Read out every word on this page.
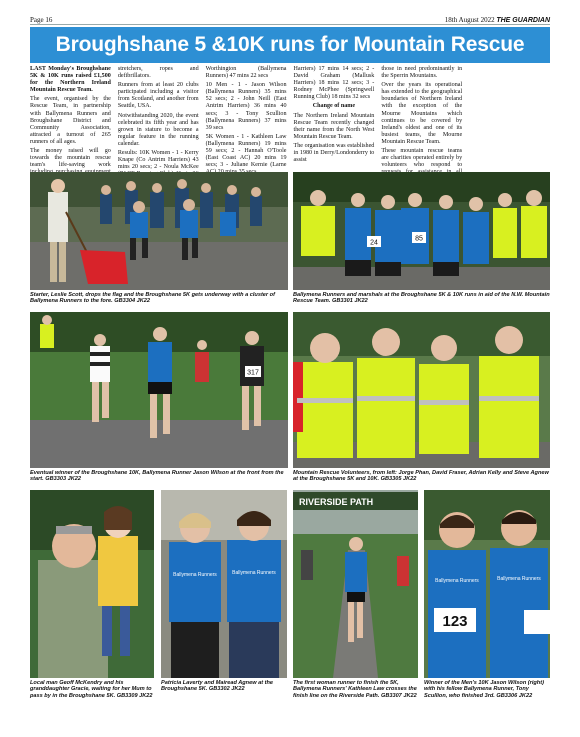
Page 16	18th August 2022 THE GUARDIAN
Broughshane 5 &10K runs for Mountain Rescue

LAST Monday's Broughshane 5K & 10K runs raised £1,500 for the Northern Ireland Mountain Rescue Team.

The event, organised by the Rescue Team, in partnership with Ballymena Runners and Broughshane District and Community Association, attracted a turnout of 265 runners of all ages.

The money raised will go towards the mountain rescue team's life-saving work

stretchers, ropes and defibrillators.

Runners from at least 20 clubs participated including a visitor from Scotland, and another from Seattle, USA.

Notwithstanding 2020, the event celebrated its fifth year and has grown in stature to become a regular feature in the running calendar.

Results: 10K Women - 1 - Kerry Knape (Co Antrim Harriers) 43 mins 20 secs; 2 - Noula McKee

Worthington (Ballymena Runners) 47 mins 22 secs

10 Men - 1 - Jason Wilson (Ballymena Runners) 35 mins 52 secs; 2 - John Neill (East Antrim Harriers) 36 mins 40 secs; 3 - Tony Scullion (Ballymena Runners) 37 mins 39 secs

5K Women - 1 - Kathleen Law (Ballymena Runners) 19 mins 59 secs; 2 - Hannah O'Toole (East Coast AC) 20 mins 19 secs; 3 - Juliane Kernie (Larne

Harriers) 17 mins 14 secs; 2 - David Graham (Mallusk Harriers) 18 mins 12 secs; 3 - Rodney McPhee (Springwell Running Club) 18 mins 32 secs

Change of name

The Northern Ireland Mountain Rescue Team recently changed their name from the North West Mountain Rescue Team.

The organisation was established in 1980 in Derry/Londonderry to assist

those in need predominantly in the Sperrin Mountains.

Over the years its operational has extended to the geographical boundaries of Northern Ireland with the exception of the Mourne Mountains which continues to be covered by Ireland's oldest and one of its busiest teams, the Mourne Mountain Rescue Team.

These mountain rescue teams are charities operated entirely by volunteers who respond to

Starter, Leslie Scott, drops the flag and the Broughshane 5K gets underway with a cluster of Ballymena Runners to the fore. GB3304 JK22
24
85
Ballymena Runners and marshals at the Broughshane 5K & 10K runs in aid of the N.W. Mountain Rescue Team. GB3301 JK22
317
Eventual winner of the Broughshane 10K, Ballymena Runner Jason Wilson at the front from the start. GB3303 JK22
Mountain Rescue Volunteers, from left: Jorge Phan, David Fraser, Adrian Kelly and Steve Agnew at the Broughshane 5K and 10K. GB3305 JK22
Local man Geoff McKendry and his granddaughter Gracie, waiting for her Mum to pass by in the Broughshane 5K. GB3309 JK22
Ballymena Runners	Ballymena Runners
Patricia Laverty and Mairead Agnew at the Broughshane 5K. GB3302 JK22
RIVERSIDE PATH
The first woman runner to finish the 5K, Ballymena Runners' Kathleen Law crosses the finish line on the Riverside Path. GB3307 JK22
Ballymena Runners
123
Ballymena Runners
Winner of the Men's 10K Jason Wilson (right) with his fellow Ballymena Runner, Tony Scullion, who finished 3rd. GB3306 JK22
